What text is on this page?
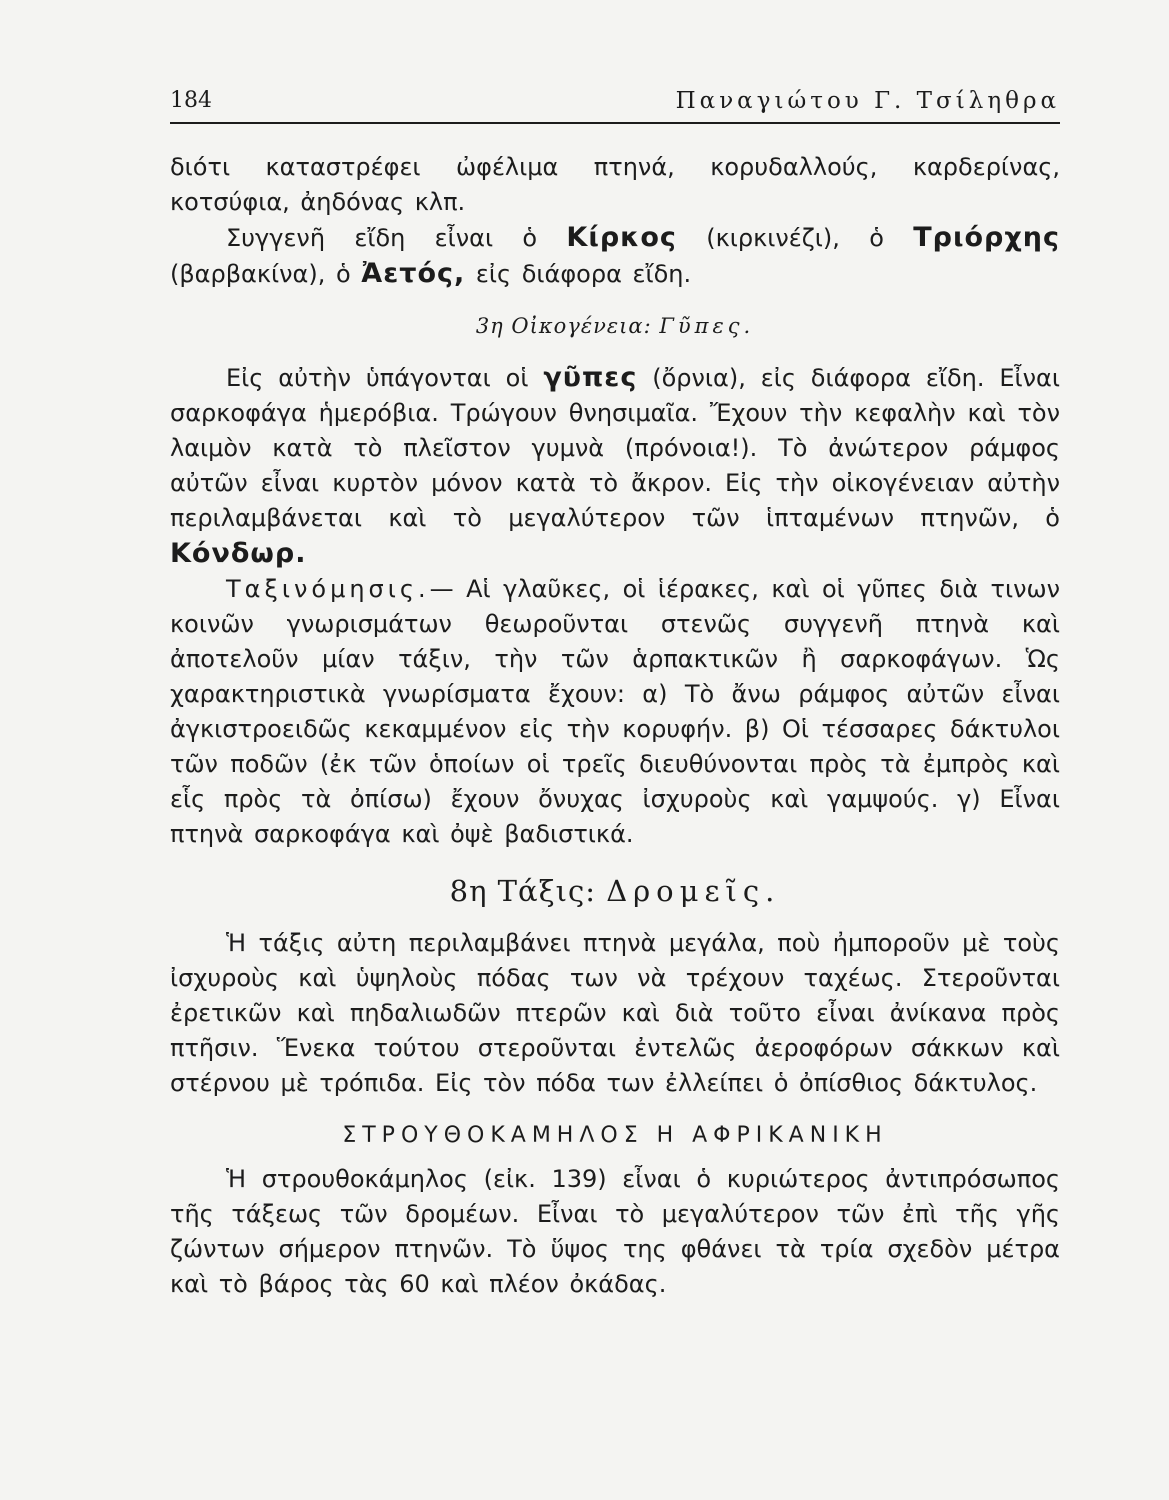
184	Παναγιώτου Γ. Τσίληθρα

διότι καταστρέφει ὠφέλιμα πτηνά, κορυδαλλούς, καρδερίνας, κοτσύφια, ἀηδόνας κλπ.

Συγγενῆ εἴδη εἶναι ὁ Κίρκος (κιρκινέζι), ὁ Τριόρχης (βαρβακίνα), ὁ Ἀετός, εἰς διάφορα εἴδη.

3η Οἰκογένεια: Γῦπες.

Εἰς αὐτὴν ὑπάγονται οἱ γῦπες (ὄρνια), εἰς διάφορα εἴδη. Εἶναι σαρκοφάγα ἡμερόβια. Τρώγουν θνησιμαῖα. Ἔχουν τὴν κεφαλὴν καὶ τὸν λαιμὸν κατὰ τὸ πλεῖστον γυμνὰ (πρόνοια!). Τὸ ἀνώτερον ράμφος αὐτῶν εἶναι κυρτὸν μόνον κατὰ τὸ ἄκρον. Εἰς τὴν οἰκογένειαν αὐτὴν περιλαμβάνεται καὶ τὸ μεγαλύτερον τῶν ἱπταμένων πτηνῶν, ὁ Κόνδωρ.

Ταξινόμησις.— Αἱ γλαῦκες, οἱ ἱέρακες, καὶ οἱ γῦπες διὰ τινων κοινῶν γνωρισμάτων θεωροῦνται στενῶς συγγενῆ πτηνὰ καὶ ἀποτελοῦν μίαν τάξιν, τὴν τῶν ἁρπακτικῶν ἢ σαρκοφάγων. Ὡς χαρακτηριστικὰ γνωρίσματα ἔχουν: α) Τὸ ἄνω ράμφος αὐτῶν εἶναι ἀγκιστροειδῶς κεκαμμένον εἰς τὴν κορυφήν. β) Οἱ τέσσαρες δάκτυλοι τῶν ποδῶν (ἐκ τῶν ὁποίων οἱ τρεῖς διευθύνονται πρὸς τὰ ἐμπρὸς καὶ εἷς πρὸς τὰ ὀπίσω) ἔχουν ὄνυχας ἰσχυροὺς καὶ γαμψούς. γ) Εἶναι πτηνὰ σαρκοφάγα καὶ ὀψὲ βαδιστικά.

8η Τάξις: Δρομεῖς.

Ἡ τάξις αὐτη περιλαμβάνει πτηνὰ μεγάλα, ποὺ ἠμποροῦν μὲ τοὺς ἰσχυροὺς καὶ ὑψηλοὺς πόδας των νὰ τρέχουν ταχέως. Στεροῦνται ἐρετικῶν καὶ πηδαλιωδῶν πτερῶν καὶ διὰ τοῦτο εἶναι ἀνίκανα πρὸς πτῆσιν. Ἕνεκα τούτου στεροῦνται ἐντελῶς ἀεροφόρων σάκκων καὶ στέρνου μὲ τρόπιδα. Εἰς τὸν πόδα των ἐλλείπει ὁ ὀπίσθιος δάκτυλος.

ΣΤΡΟΥΘΟΚΑΜΗΛΟΣ Η ΑΦΡΙΚΑΝΙΚΗ

Ἡ στρουθοκάμηλος (εἰκ. 139) εἶναι ὁ κυριώτερος ἀντιπρόσωπος τῆς τάξεως τῶν δρομέων. Εἶναι τὸ μεγαλύτερον τῶν ἐπὶ τῆς γῆς ζώντων σήμερον πτηνῶν. Τὸ ὕψος της φθάνει τὰ τρία σχεδὸν μέτρα καὶ τὸ βάρος τὰς 60 καὶ πλέον ὀκάδας.
